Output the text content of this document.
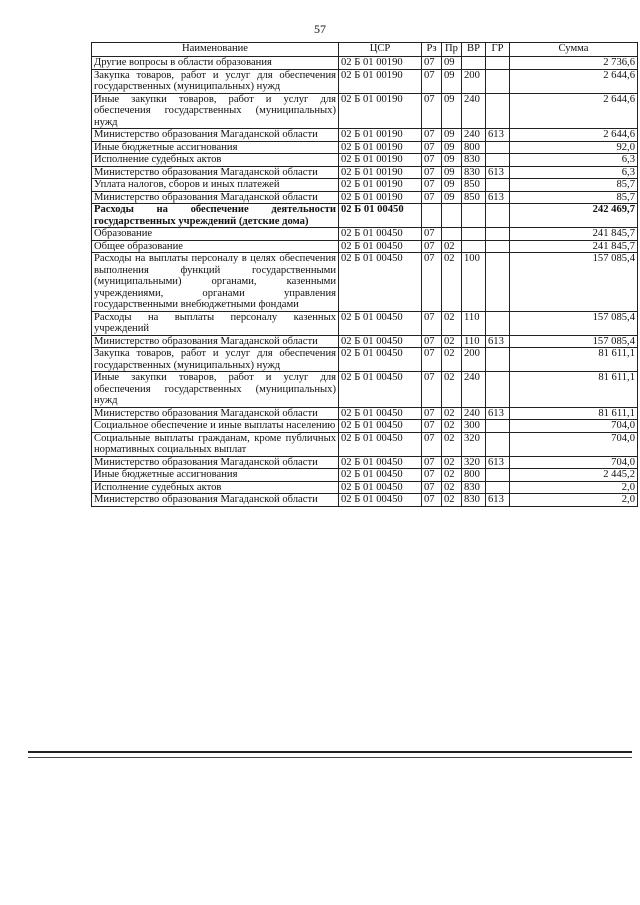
57
Наименование	ЦСР	Рз	Пр	ВР	ГР	Сумма
Другие вопросы в области образования	02 Б 01 00190	07	09			2 736,6
Закупка товаров, работ и услуг для обеспечения государственных (муниципальных) нужд	02 Б 01 00190	07	09	200		2 644,6
Иные закупки товаров, работ и услуг для обеспечения государственных (муниципальных) нужд	02 Б 01 00190	07	09	240		2 644,6
Министерство образования Магаданской области	02 Б 01 00190	07	09	240	613	2 644,6
Иные бюджетные ассигнования	02 Б 01 00190	07	09	800		92,0
Исполнение судебных актов	02 Б 01 00190	07	09	830		6,3
Министерство образования Магаданской области	02 Б 01 00190	07	09	830	613	6,3
Уплата налогов, сборов и иных платежей	02 Б 01 00190	07	09	850		85,7
Министерство образования Магаданской области	02 Б 01 00190	07	09	850	613	85,7
Расходы на обеспечение деятельности государственных учреждений (детские дома)	02 Б 01 00450					242 469,7
Образование	02 Б 01 00450	07				241 845,7
Общее образование	02 Б 01 00450	07	02			241 845,7
Расходы на выплаты персоналу в целях обеспечения выполнения функций государственными (муниципальными) органами, казенными учреждениями, органами управления государственными внебюджетными фондами	02 Б 01 00450	07	02	100		157 085,4
Расходы на выплаты персоналу казенных учреждений	02 Б 01 00450	07	02	110		157 085,4
Министерство образования Магаданской области	02 Б 01 00450	07	02	110	613	157 085,4
Закупка товаров, работ и услуг для обеспечения государственных (муниципальных) нужд	02 Б 01 00450	07	02	200		81 611,1
Иные закупки товаров, работ и услуг для обеспечения государственных (муниципальных) нужд	02 Б 01 00450	07	02	240		81 611,1
Министерство образования Магаданской области	02 Б 01 00450	07	02	240	613	81 611,1
Социальное обеспечение и иные выплаты населению	02 Б 01 00450	07	02	300		704,0
Социальные выплаты гражданам, кроме публичных нормативных социальных выплат	02 Б 01 00450	07	02	320		704,0
Министерство образования Магаданской области	02 Б 01 00450	07	02	320	613	704,0
Иные бюджетные ассигнования	02 Б 01 00450	07	02	800		2 445,2
Исполнение судебных актов	02 Б 01 00450	07	02	830		2,0
Министерство образования Магаданской области	02 Б 01 00450	07	02	830	613	2,0
